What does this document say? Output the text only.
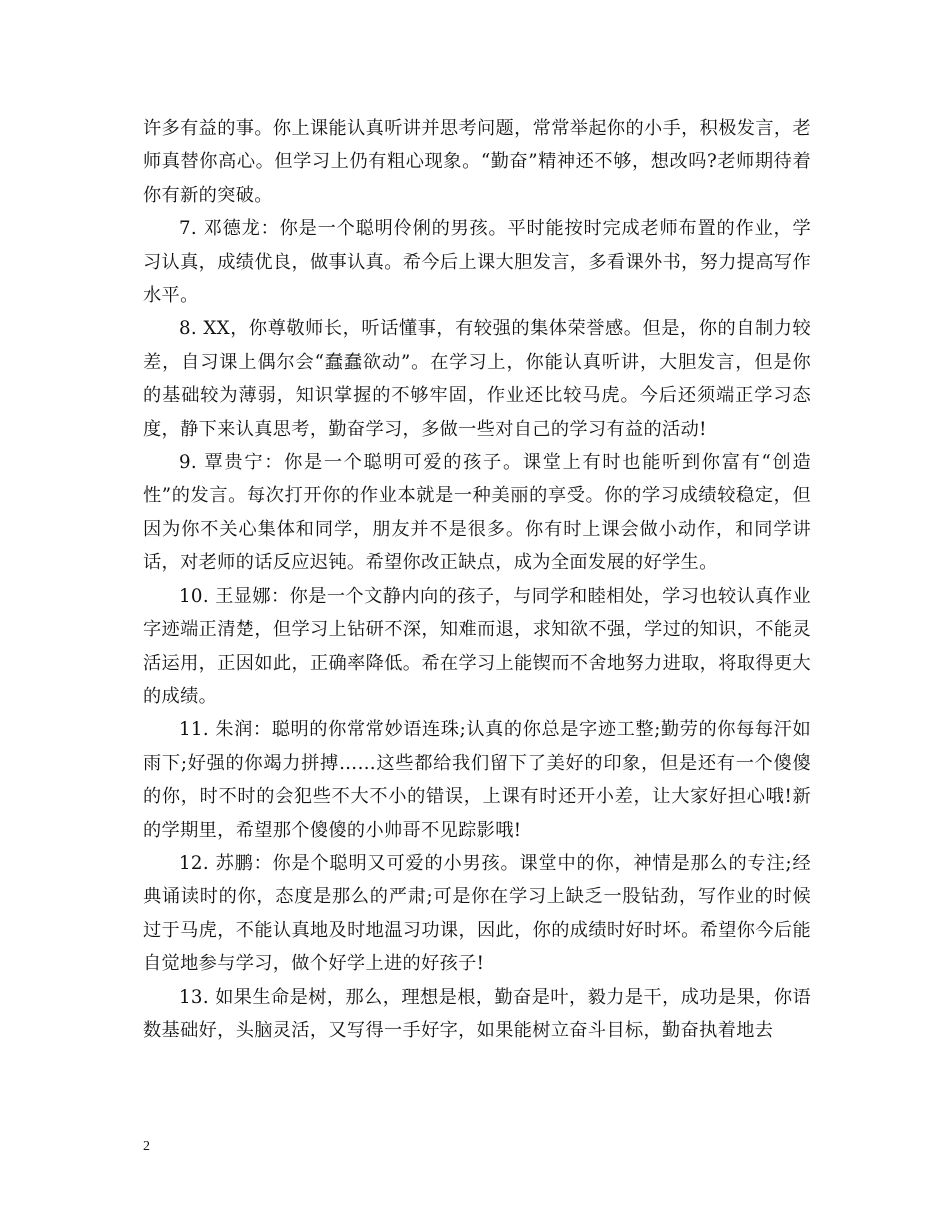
许多有益的事。你上课能认真听讲并思考问题，常常举起你的小手，积极发言，老师真替你高心。但学习上仍有粗心现象。“勤奋”精神还不够，想改吗?老师期待着你有新的突破。

7. 邓德龙：你是一个聪明伶俐的男孩。平时能按时完成老师布置的作业，学习认真，成绩优良，做事认真。希今后上课大胆发言，多看课外书，努力提高写作水平。

8. XX，你尊敬师长，听话懂事，有较强的集体荣誉感。但是，你的自制力较差，自习课上偶尔会“蠢蠢欲动”。在学习上，你能认真听讲，大胆发言，但是你的基础较为薄弱，知识掌握的不够牢固，作业还比较马虎。今后还须端正学习态度，静下来认真思考，勤奋学习，多做一些对自己的学习有益的活动!

9. 覃贵宁：你是一个聪明可爱的孩子。课堂上有时也能听到你富有“创造性”的发言。每次打开你的作业本就是一种美丽的享受。你的学习成绩较稳定，但因为你不关心集体和同学，朋友并不是很多。你有时上课会做小动作，和同学讲话，对老师的话反应迟钝。希望你改正缺点，成为全面发展的好学生。

10. 王显娜：你是一个文静内向的孩子，与同学和睦相处，学习也较认真作业字迹端正清楚，但学习上钻研不深，知难而退，求知欲不强，学过的知识，不能灵活运用，正因如此，正确率降低。希在学习上能锲而不舍地努力进取，将取得更大的成绩。

11. 朱润：聪明的你常常妙语连珠;认真的你总是字迹工整;勤劳的你每每汗如雨下;好强的你竭力拼搏……这些都给我们留下了美好的印象，但是还有一个傻傻的你，时不时的会犯些不大不小的错误，上课有时还开小差，让大家好担心哦!新的学期里，希望那个傻傻的小帅哥不见踪影哦!

12. 苏鹏：你是个聪明又可爱的小男孩。课堂中的你，神情是那么的专注;经典诵读时的你，态度是那么的严肃;可是你在学习上缺乏一股钻劲，写作业的时候过于马虎，不能认真地及时地温习功课，因此，你的成绩时好时坏。希望你今后能自觉地参与学习，做个好学上进的好孩子!

13. 如果生命是树，那么，理想是根，勤奋是叶，毅力是干，成功是果，你语数基础好，头脑灵活，又写得一手好字，如果能树立奋斗目标，勤奋执着地去

2
